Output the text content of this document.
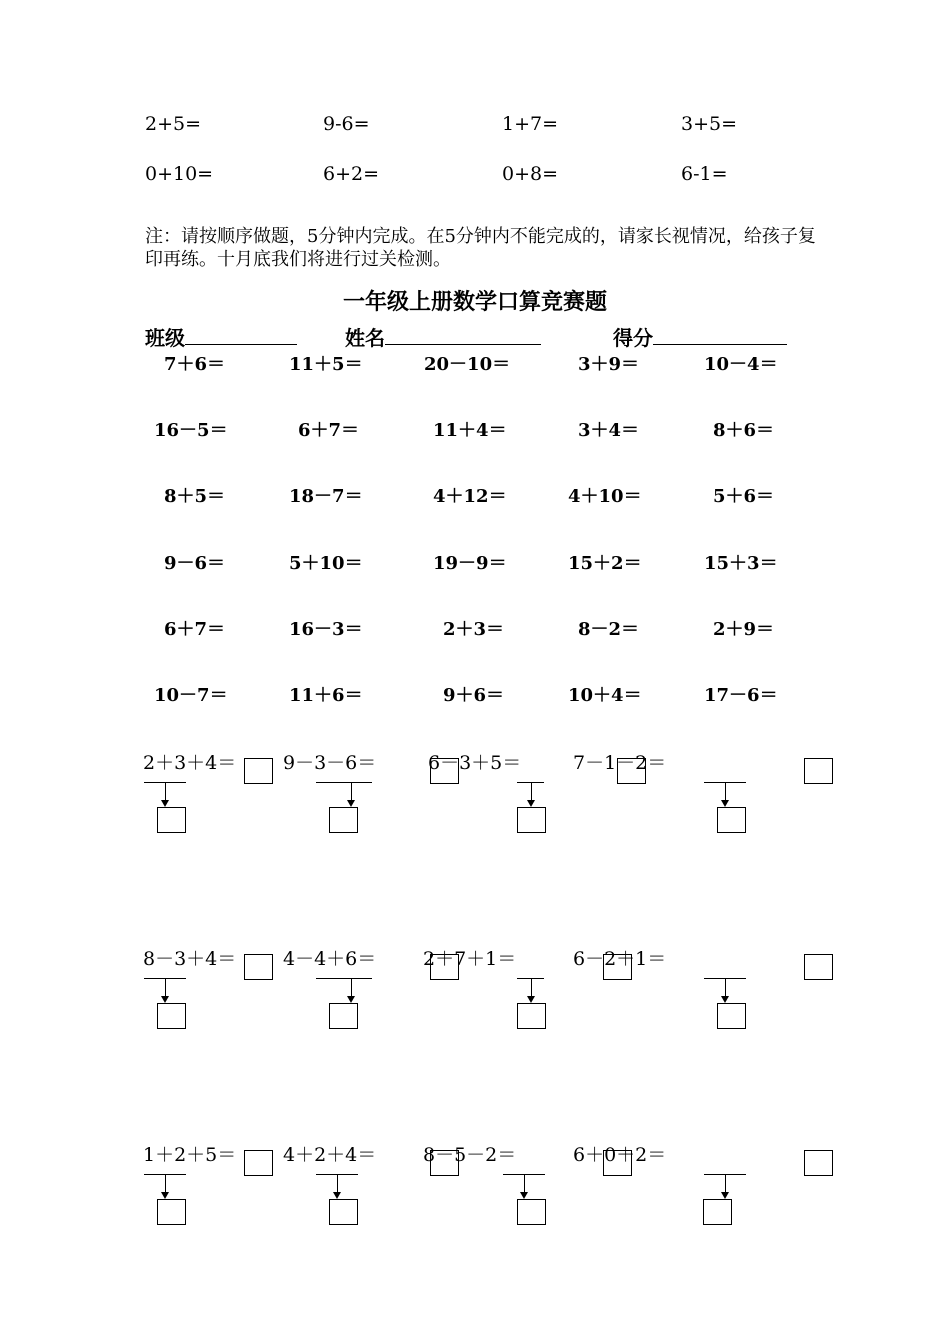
2+5=	9-6=	1+7=	3+5=
0+10=	6+2=	0+8=	6-1=
注：请按顺序做题，5分钟内完成。在5分钟内不能完成的，请家长视情况，给孩子复印再练。十月底我们将进行过关检测。
一年级上册数学口算竞赛题
班级	姓名	得分
7＋6＝	11＋5＝	20－10＝	3＋9＝	10－4＝
16－5＝	6＋7＝	11＋4＝	3＋4＝	8＋6＝
8＋5＝	18－7＝	4＋12＝	4＋10＝	5＋6＝
9－6＝	5＋10＝	19－9＝	15＋2＝	15＋3＝
6＋7＝	16－3＝	2＋3＝	8－2＝	2＋9＝
10－7＝	11＋6＝	9＋6＝	10＋4＝	17－6＝
2＋3＋4＝ 9－3－6＝	6－3＋5＝	7－1－2＝
8－3＋4＝ 4－4＋6＝ 2＋7＋1＝	6－2＋1＝
1＋2＋5＝ 4＋2＋4＝ 8－5－2＝	6＋0＋2＝
